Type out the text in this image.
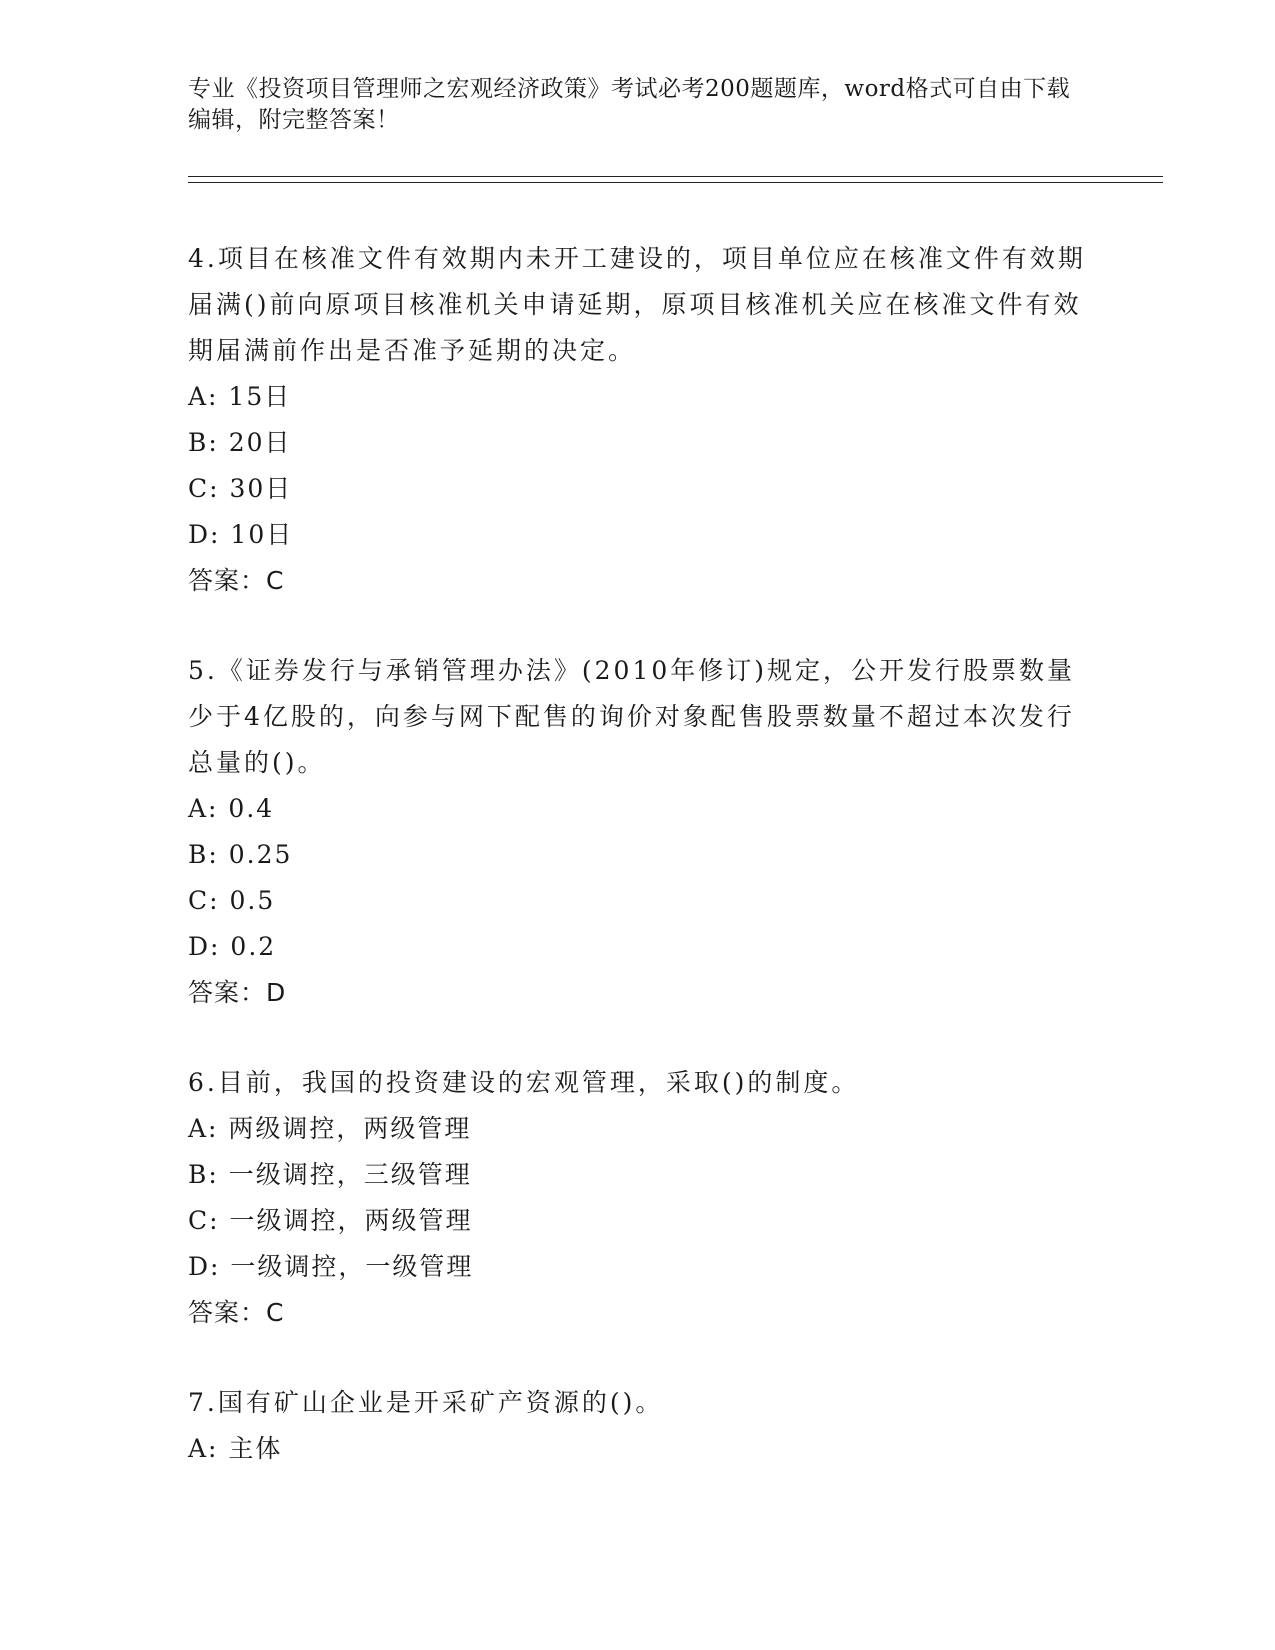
专业《投资项目管理师之宏观经济政策》考试必考200题题库，word格式可自由下载编辑，附完整答案！
4.项目在核准文件有效期内未开工建设的，项目单位应在核准文件有效期届满()前向原项目核准机关申请延期，原项目核准机关应在核准文件有效期届满前作出是否准予延期的决定。
A: 15日
B: 20日
C: 30日
D: 10日
答案：C
5.《证券发行与承销管理办法》(2010年修订)规定，公开发行股票数量少于4亿股的，向参与网下配售的询价对象配售股票数量不超过本次发行总量的()。
A: 0.4
B: 0.25
C: 0.5
D: 0.2
答案：D
6.目前，我国的投资建设的宏观管理，采取()的制度。
A: 两级调控，两级管理
B: 一级调控，三级管理
C: 一级调控，两级管理
D: 一级调控，一级管理
答案：C
7.国有矿山企业是开采矿产资源的()。
A: 主体
